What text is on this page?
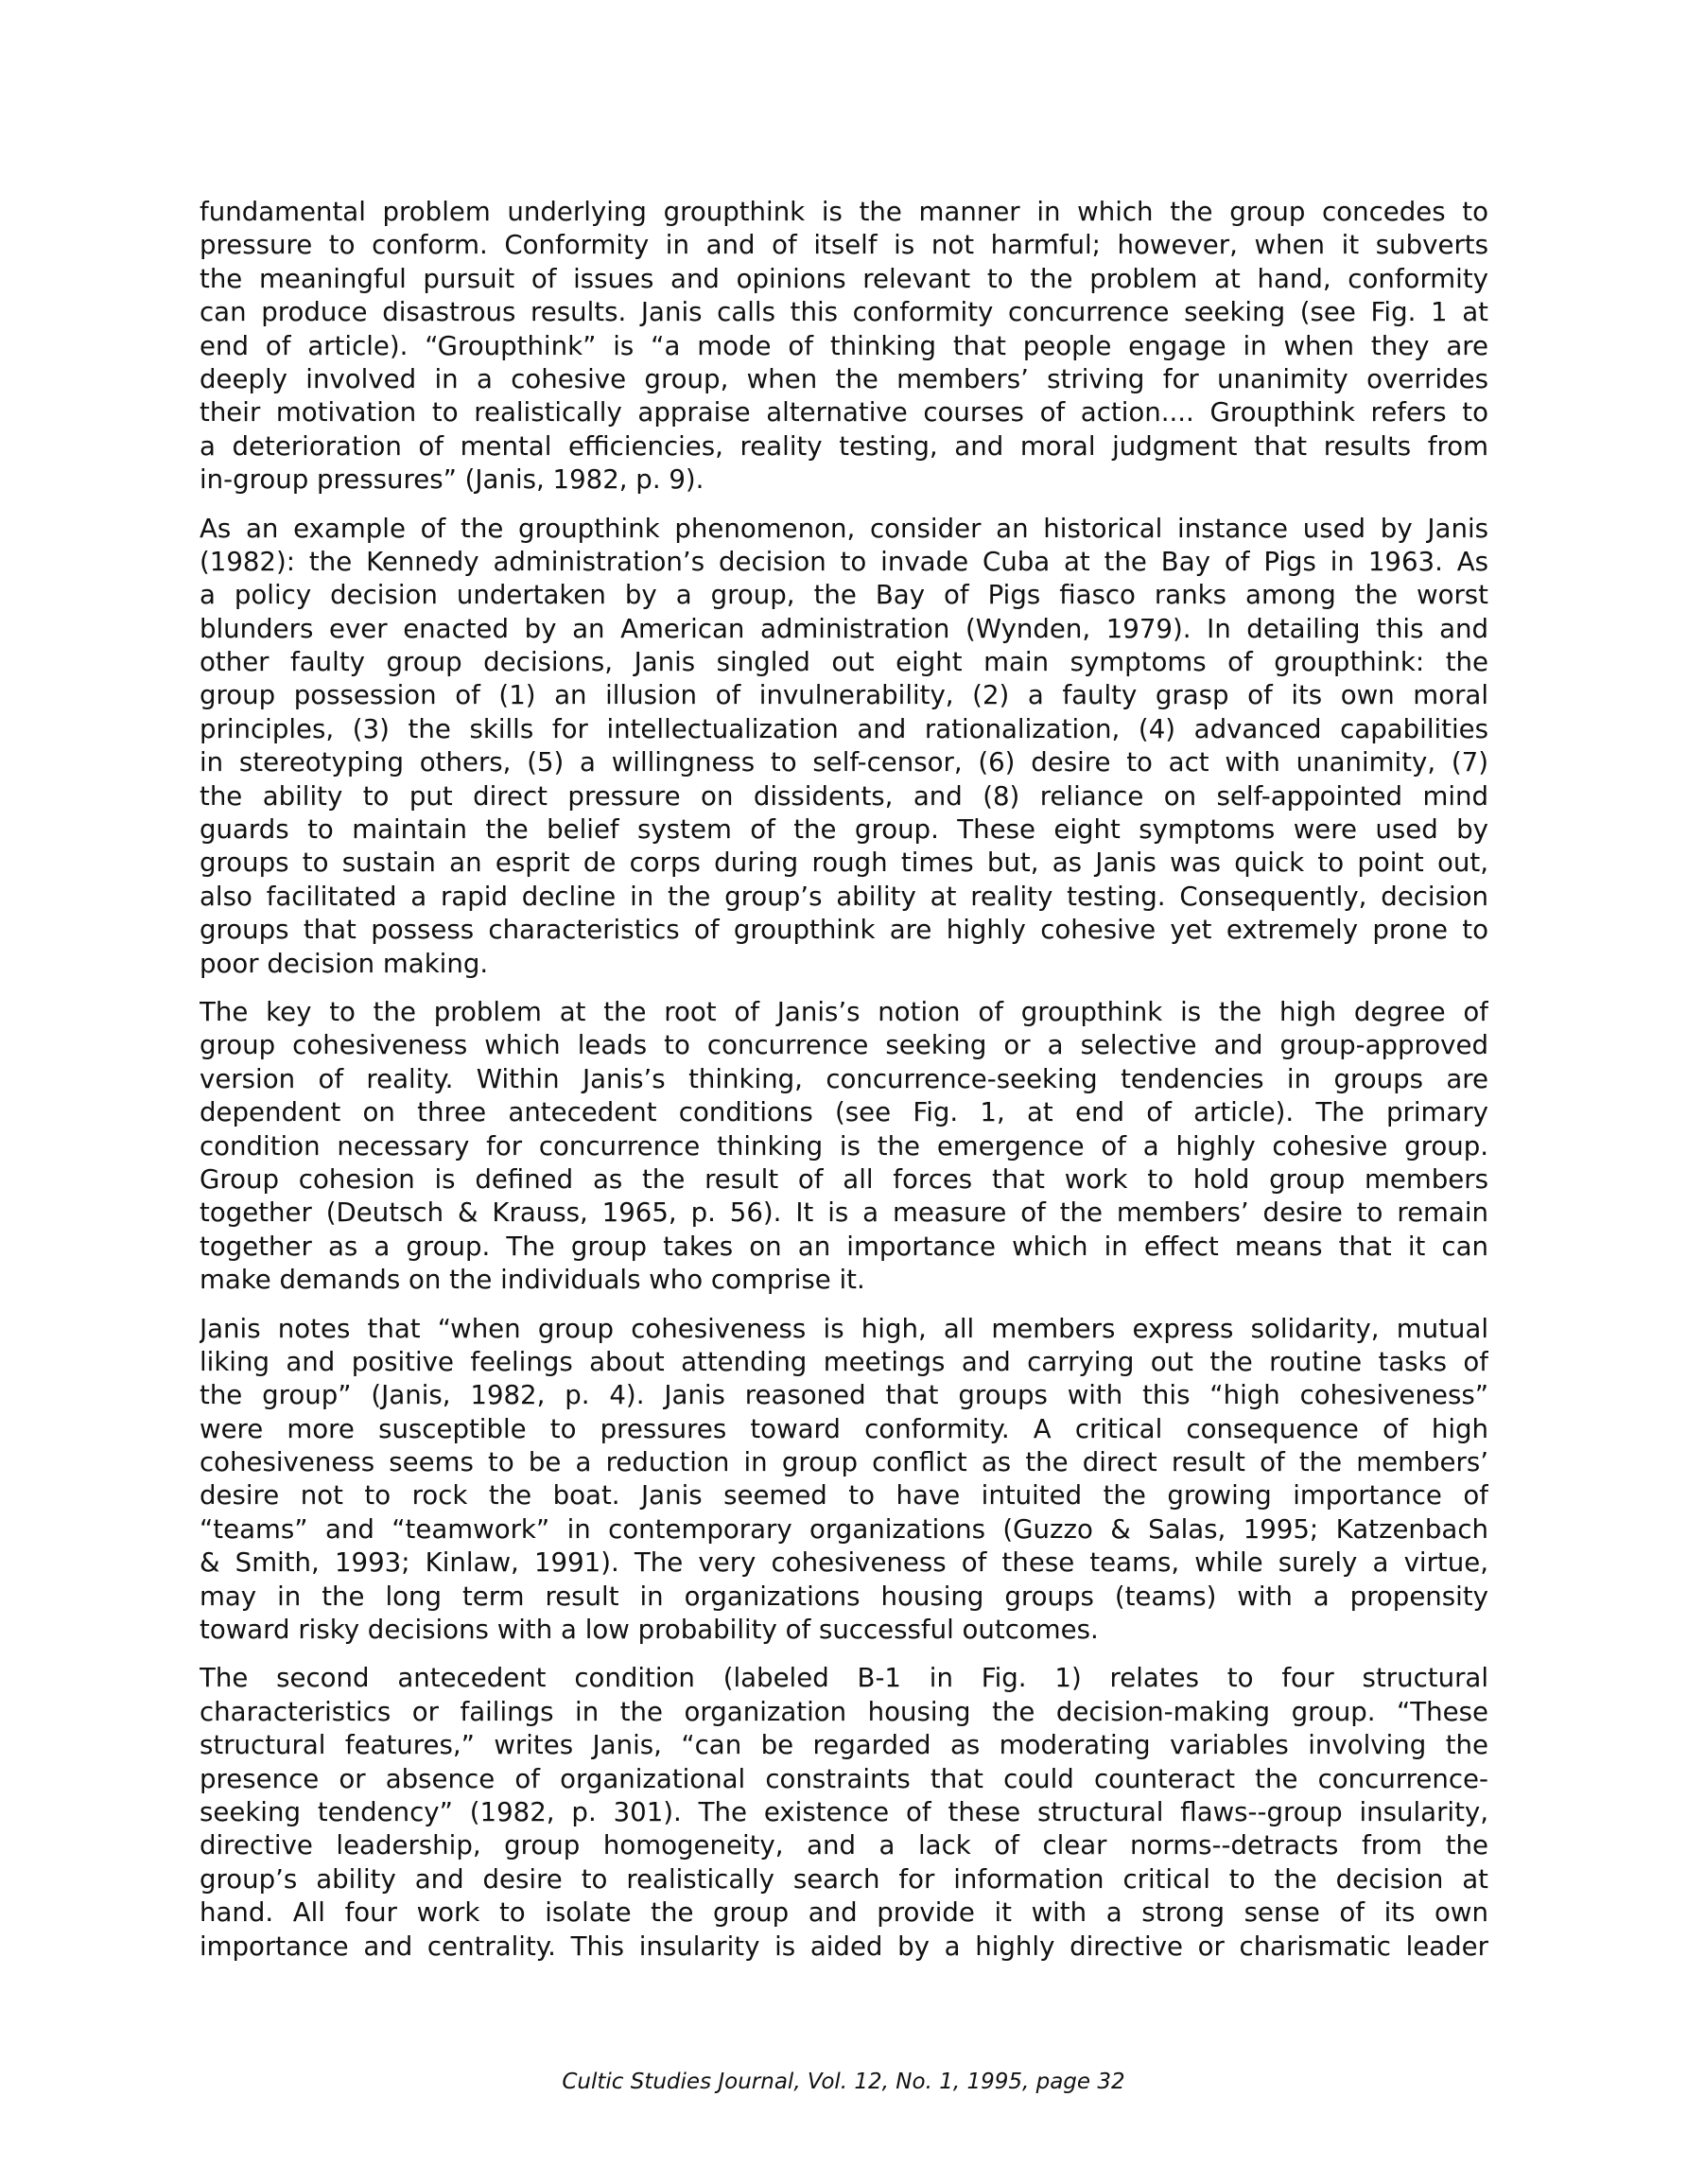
fundamental problem underlying groupthink is the manner in which the group concedes to
pressure to conform. Conformity in and of itself is not harmful; however, when it subverts
the meaningful pursuit of issues and opinions relevant to the problem at hand, conformity
can produce disastrous results. Janis calls this conformity concurrence seeking (see Fig. 1 at
end of article). “Groupthink” is “a mode of thinking that people engage in when they are
deeply involved in a cohesive group, when the members’ striving for unanimity overrides
their motivation to realistically appraise alternative courses of action.... Groupthink refers to
a deterioration of mental efficiencies, reality testing, and moral judgment that results from
in-group pressures” (Janis, 1982, p. 9).
As an example of the groupthink phenomenon, consider an historical instance used by Janis
(1982): the Kennedy administration’s decision to invade Cuba at the Bay of Pigs in 1963. As
a policy decision undertaken by a group, the Bay of Pigs fiasco ranks among the worst
blunders ever enacted by an American administration (Wynden, 1979). In detailing this and
other faulty group decisions, Janis singled out eight main symptoms of groupthink: the
group possession of (1) an illusion of invulnerability, (2) a faulty grasp of its own moral
principles, (3) the skills for intellectualization and rationalization, (4) advanced capabilities
in stereotyping others, (5) a willingness to self-censor, (6) desire to act with unanimity, (7)
the ability to put direct pressure on dissidents, and (8) reliance on self-appointed mind
guards to maintain the belief system of the group. These eight symptoms were used by
groups to sustain an esprit de corps during rough times but, as Janis was quick to point out,
also facilitated a rapid decline in the group’s ability at reality testing. Consequently, decision
groups that possess characteristics of groupthink are highly cohesive yet extremely prone to
poor decision making.
The key to the problem at the root of Janis’s notion of groupthink is the high degree of
group cohesiveness which leads to concurrence seeking or a selective and group-approved
version of reality. Within Janis’s thinking, concurrence-seeking tendencies in groups are
dependent on three antecedent conditions (see Fig. 1, at end of article). The primary
condition necessary for concurrence thinking is the emergence of a highly cohesive group.
Group cohesion is defined as the result of all forces that work to hold group members
together (Deutsch & Krauss, 1965, p. 56). It is a measure of the members’ desire to remain
together as a group. The group takes on an importance which in effect means that it can
make demands on the individuals who comprise it.
Janis notes that “when group cohesiveness is high, all members express solidarity, mutual
liking and positive feelings about attending meetings and carrying out the routine tasks of
the group” (Janis, 1982, p. 4). Janis reasoned that groups with this “high cohesiveness”
were more susceptible to pressures toward conformity. A critical consequence of high
cohesiveness seems to be a reduction in group conflict as the direct result of the members’
desire not to rock the boat. Janis seemed to have intuited the growing importance of
“teams” and “teamwork” in contemporary organizations (Guzzo & Salas, 1995; Katzenbach
& Smith, 1993; Kinlaw, 1991). The very cohesiveness of these teams, while surely a virtue,
may in the long term result in organizations housing groups (teams) with a propensity
toward risky decisions with a low probability of successful outcomes.
The second antecedent condition (labeled B-1 in Fig. 1) relates to four structural
characteristics or failings in the organization housing the decision-making group. “These
structural features,” writes Janis, “can be regarded as moderating variables involving the
presence or absence of organizational constraints that could counteract the concurrence-
seeking tendency” (1982, p. 301). The existence of these structural flaws--group insularity,
directive leadership, group homogeneity, and a lack of clear norms--detracts from the
group’s ability and desire to realistically search for information critical to the decision at
hand. All four work to isolate the group and provide it with a strong sense of its own
importance and centrality. This insularity is aided by a highly directive or charismatic leader
Cultic Studies Journal, Vol. 12, No. 1, 1995, page 32
